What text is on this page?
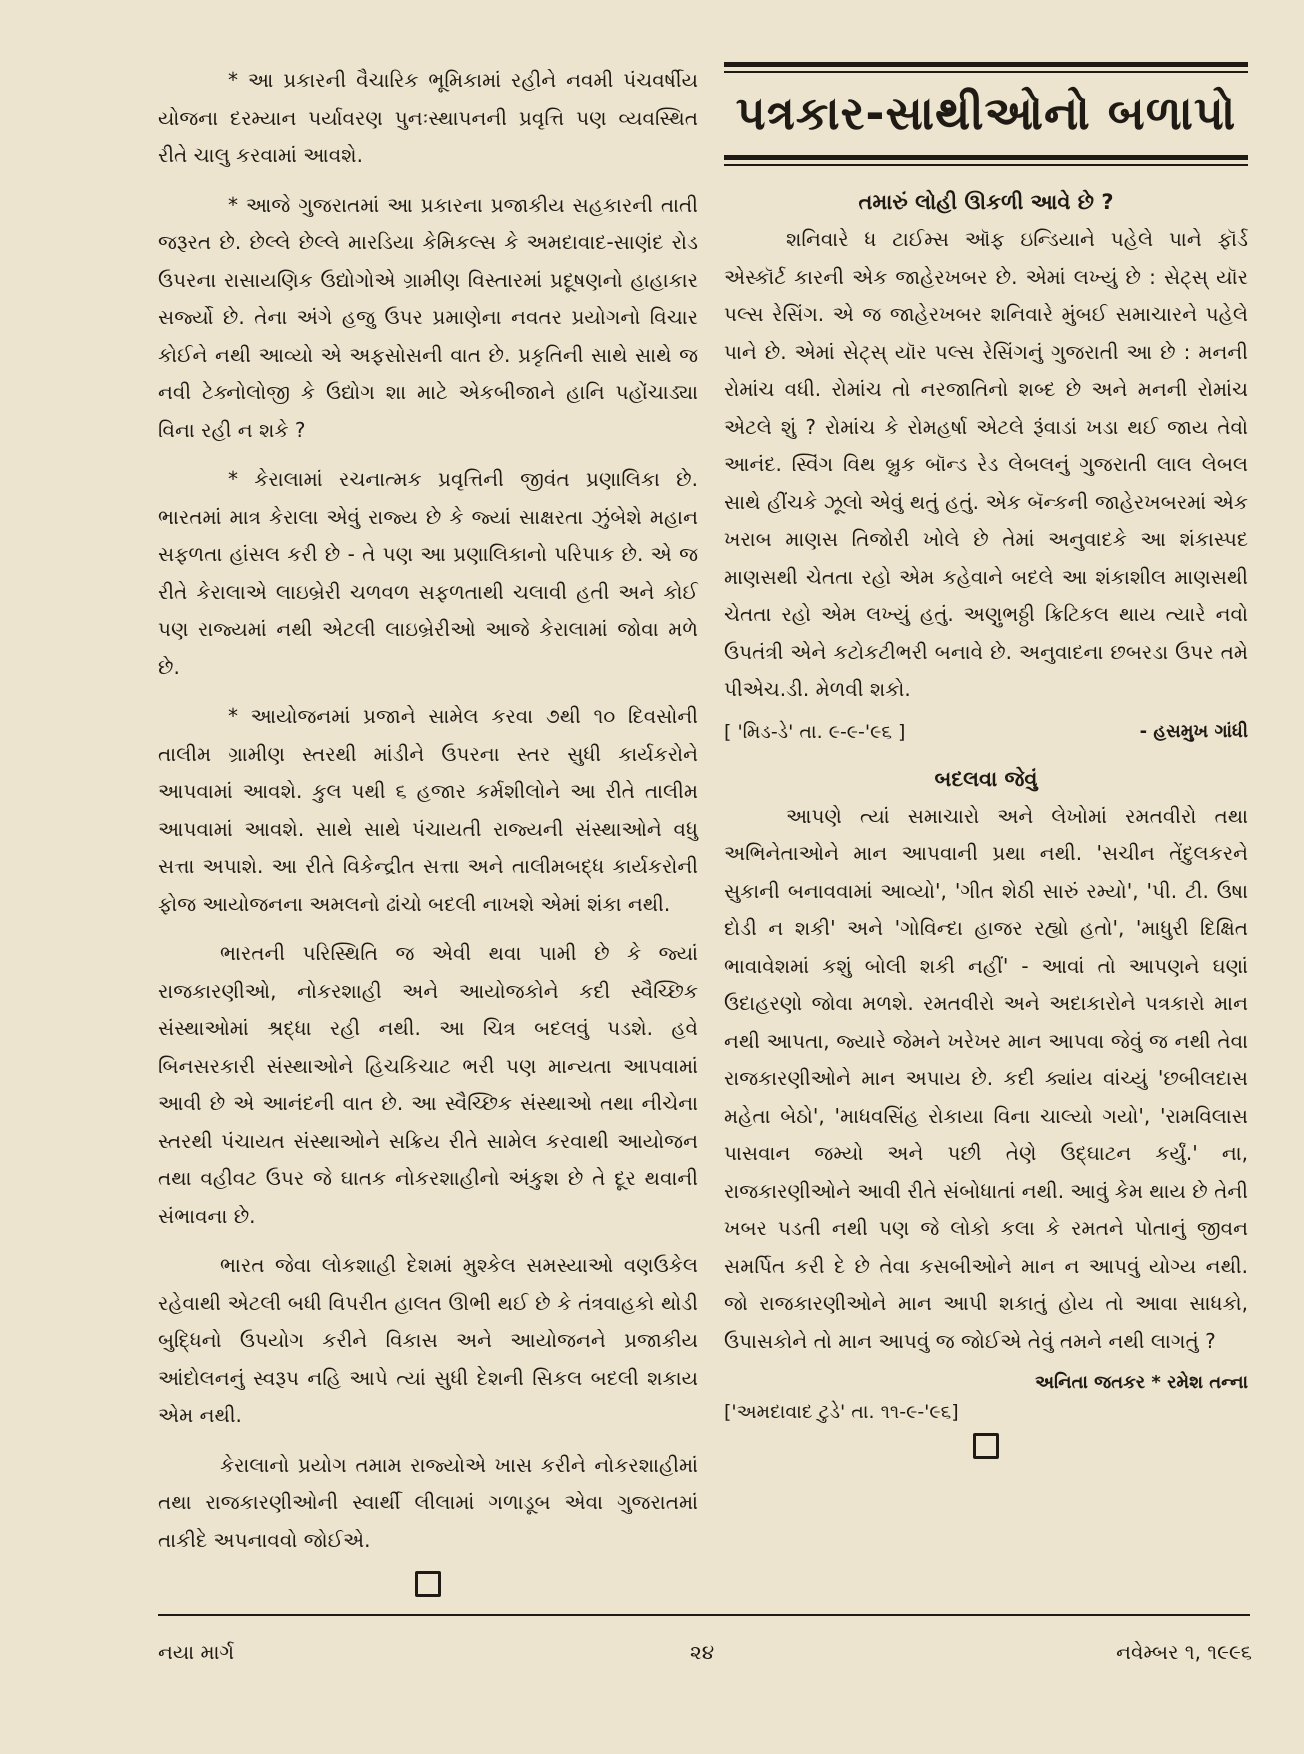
* આ પ્રકારની વૈચારિક ભૂમિકામાં રહીને નવમી પંચવર્ષીય યોજના દરમ્યાન પર્યાવરણ પુનઃસ્થાપનની પ્રવૃત્તિ પણ વ્યવસ્થિત રીતે ચાલુ કરવામાં આવશે.

* આજે ગુજરાતમાં આ પ્રકારના પ્રજાકીય સહકારની તાતી જરૂરત છે. છેલ્લે છેલ્લે મારડિયા કેમિકલ્સ કે અમદાવાદ-સાણંદ રોડ ઉપરના રાસાયણિક ઉદ્યોગોએ ગ્રામીણ વિસ્તારમાં પ્રદૂષણનો હાહાકાર સર્જ્યો છે. તેના અંગે હજુ ઉપર પ્રમાણેના નવતર પ્રયોગનો વિચાર કોઈને નથી આવ્યો એ અફસોસની વાત છે. પ્રકૃતિની સાથે સાથે જ નવી ટેક્નોલોજી કે ઉદ્યોગ શા માટે એકબીજાને હાનિ પહોંચાડ્યા વિના રહી ન શકે ?

* કેરાલામાં રચનાત્મક પ્રવૃત્તિની જીવંત પ્રણાલિકા છે. ભારતમાં માત્ર કેરાલા એવું રાજ્ય છે કે જ્યાં સાક્ષરતા ઝુંબેશે મહાન સફળતા હાંસલ કરી છે - તે પણ આ પ્રણાલિકાનો પરિપાક છે. એ જ રીતે કેરાલાએ લાઇબ્રેરી ચળવળ સફળતાથી ચલાવી હતી અને કોઈ પણ રાજ્યમાં નથી એટલી લાઇબ્રેરીઓ આજે કેરાલામાં જોવા મળે છે.

* આયોજનમાં પ્રજાને સામેલ કરવા ૭થી ૧૦ દિવસોની તાલીમ ગ્રામીણ સ્તરથી માંડીને ઉપરના સ્તર સુધી કાર્યકરોને આપવામાં આવશે. કુલ પથી ૬ હજાર કર્મશીલોને આ રીતે તાલીમ આપવામાં આવશે. સાથે સાથે પંચાયતી રાજ્યની સંસ્થાઓને વધુ સત્તા અપાશે. આ રીતે વિકેન્દ્રીત સત્તા અને તાલીમબદ્ધ કાર્યકરોની ફોજ આયોજનના અમલનો ઢાંચો બદલી નાખશે એમાં શંકા નથી.

ભારતની પરિસ્થિતિ જ એવી થવા પામી છે કે જ્યાં રાજકારણીઓ, નોકરશાહી અને આયોજકોને કદી સ્વૈચ્છિક સંસ્થાઓમાં શ્રદ્ધા રહી નથી. આ ચિત્ર બદલવું પડશે. હવે બિનસરકારી સંસ્થાઓને હિચકિચાટ ભરી પણ માન્યતા આપવામાં આવી છે એ આનંદની વાત છે. આ સ્વૈચ્છિક સંસ્થાઓ તથા નીચેના સ્તરથી પંચાયત સંસ્થાઓને સક્રિય રીતે સામેલ કરવાથી આયોજન તથા વહીવટ ઉપર જે ઘાતક નોકરશાહીનો અંકુશ છે તે દૂર થવાની સંભાવના છે.

ભારત જેવા લોકશાહી દેશમાં મુશ્કેલ સમસ્યાઓ વણઉકેલ રહેવાથી એટલી બધી વિપરીત હાલત ઊભી થઈ છે કે તંત્રવાહકો થોડી બુદ્ધિનો ઉપયોગ કરીને વિકાસ અને આયોજનને પ્રજાકીય આંદોલનનું સ્વરૂપ નહિ આપે ત્યાં સુધી દેશની સિકલ બદલી શકાય એમ નથી.

કેરાલાનો પ્રયોગ તમામ રાજ્યોએ ખાસ કરીને નોકરશાહીમાં તથા રાજકારણીઓની સ્વાર્થી લીલામાં ગળાડૂબ એવા ગુજરાતમાં તાકીદે અપનાવવો જોઈએ.

પત્રકાર-સાથીઓનો બળાપો
તમારું લોહી ઊકળી આવે છે ?

શનિવારે ધ ટાઈમ્સ ઑફ ઇન્ડિયાને પહેલે પાને ફૉર્ડ એસ્કૉર્ટ કારની એક જાહેરખબર છે. એમાં લખ્યું છે : સેટ્સ્ યૉર પલ્સ રેસિંગ. એ જ જાહેરખબર શનિવારે મુંબઈ સમાચારને પહેલે પાને છે. એમાં સેટ્સ્ યૉર પલ્સ રેસિંગનું ગુજરાતી આ છે : મનની રોમાંચ વધી. રોમાંચ તો નરજાતિનો શબ્દ છે અને મનની રોમાંચ એટલે શું ? રોમાંચ કે રોમહર્ષા એટલે રૂંવાડાં ખડા થઈ જાય તેવો આનંદ. સ્વિંગ વિથ બ્રુક બૉન્ડ રેડ લેબલનું ગુજરાતી લાલ લેબલ સાથે હીંચકે ઝૂલો એવું થતું હતું. એક બૅન્કની જાહેરખબરમાં એક ખરાબ માણસ તિજોરી ખોલે છે તેમાં અનુવાદકે આ શંકાસ્પદ માણસથી ચેતતા રહો એમ કહેવાને બદલે આ શંકાશીલ માણસથી ચેતતા રહો એમ લખ્યું હતું. અણુભઠ્ઠી ક્રિટિકલ થાય ત્યારે નવો ઉપતંત્રી એને કટોકટીભરી બનાવે છે. અનુવાદના છબરડા ઉપર તમે પીએચ.ડી. મેળવી શકો.

[ 'મિડ-ડે' તા. ૯-૯-'૯૬ ]	- હસમુખ ગાંધી
બદલવા જેવું

આપણે ત્યાં સમાચારો અને લેખોમાં રમતવીરો તથા અભિનેતાઓને માન આપવાની પ્રથા નથી. 'સચીન તેંદુલકરને સુકાની બનાવવામાં આવ્યો', 'ગીત શેઠી સારું રમ્યો', 'પી. ટી. ઉષા દોડી ન શકી' અને 'ગોવિન્દા હાજર રહ્યો હતો', 'માધુરી દિક્ષિત ભાવાવેશમાં કશું બોલી શકી નહીં' - આવાં તો આપણને ઘણાં ઉદાહરણો જોવા મળશે. રમતવીરો અને અદાકારોને પત્રકારો માન નથી આપતા, જ્યારે જેમને ખરેખર માન આપવા જેવું જ નથી તેવા રાજકારણીઓને માન અપાય છે. કદી ક્યાંય વાંચ્યું 'છબીલદાસ મહેતા બેઠો', 'માધવસિંહ રોકાયા વિના ચાલ્યો ગયો', 'રામવિલાસ પાસવાન જમ્યો અને પછી તેણે ઉદ્ઘાટન કર્યું.' ના, રાજકારણીઓને આવી રીતે સંબોધાતાં નથી. આવું કેમ થાય છે તેની ખબર પડતી નથી પણ જે લોકો કલા કે રમતને પોતાનું જીવન સમર્પિત કરી દે છે તેવા કસબીઓને માન ન આપવું યોગ્ય નથી. જો રાજકારણીઓને માન આપી શકાતું હોય તો આવા સાધકો, ઉપાસકોને તો માન આપવું જ જોઈએ તેવું તમને નથી લાગતું ?

અનિતા જતકર * રમેશ તન્ના
['અમદાવાદ ટુડે' તા. ૧૧-૯-'૯૬]
નયા માર્ગ	૨૪	નવેમ્બર ૧, ૧૯૯૬
